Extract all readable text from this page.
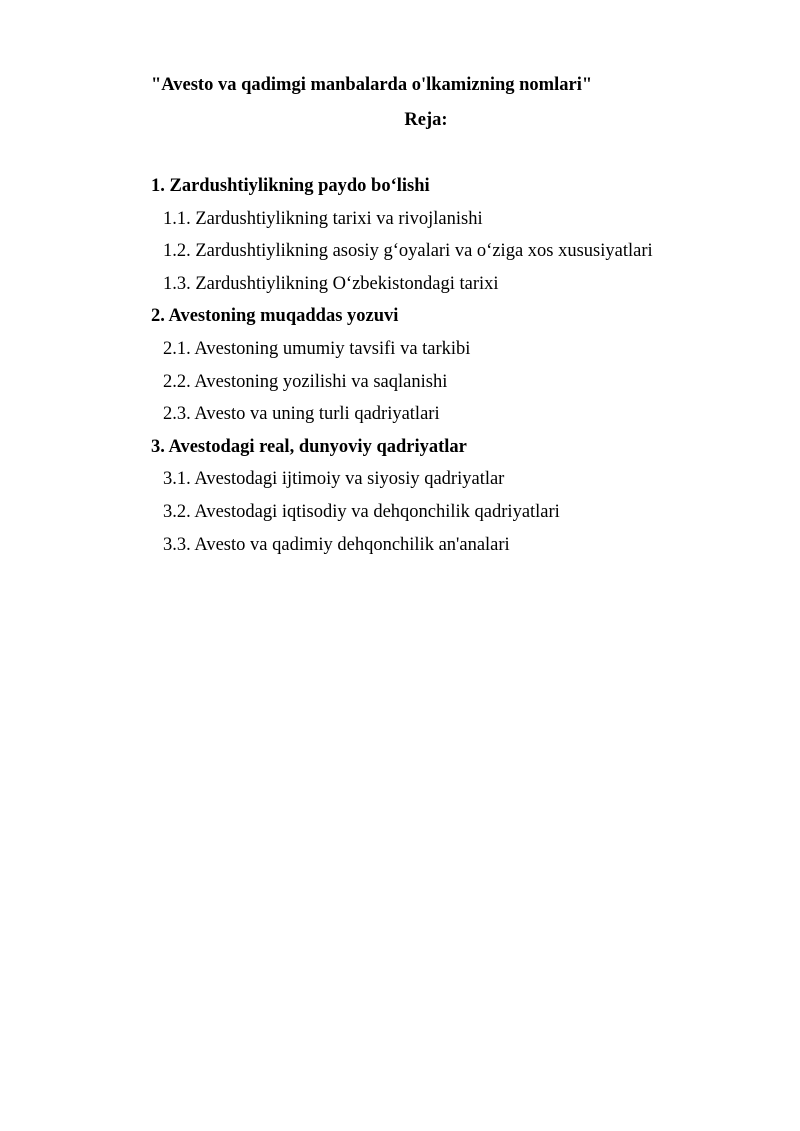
"Avesto va qadimgi manbalarda o'lkamizning nomlari"

Reja:

1. Zardushtiylikning paydo bo‘lishi
1.1. Zardushtiylikning tarixi va rivojlanishi
1.2. Zardushtiylikning asosiy g‘oyalari va o‘ziga xos xususiyatlari
1.3. Zardushtiylikning O‘zbekistondagi tarixi
2. Avestoning muqaddas yozuvi
2.1. Avestoning umumiy tavsifi va tarkibi
2.2. Avestoning yozilishi va saqlanishi
2.3. Avesto va uning turli qadriyatlari
3. Avestodagi real, dunyoviy qadriyatlar
3.1. Avestodagi ijtimoiy va siyosiy qadriyatlar
3.2. Avestodagi iqtisodiy va dehqonchilik qadriyatlari
3.3. Avesto va qadimiy dehqonchilik an'analari
